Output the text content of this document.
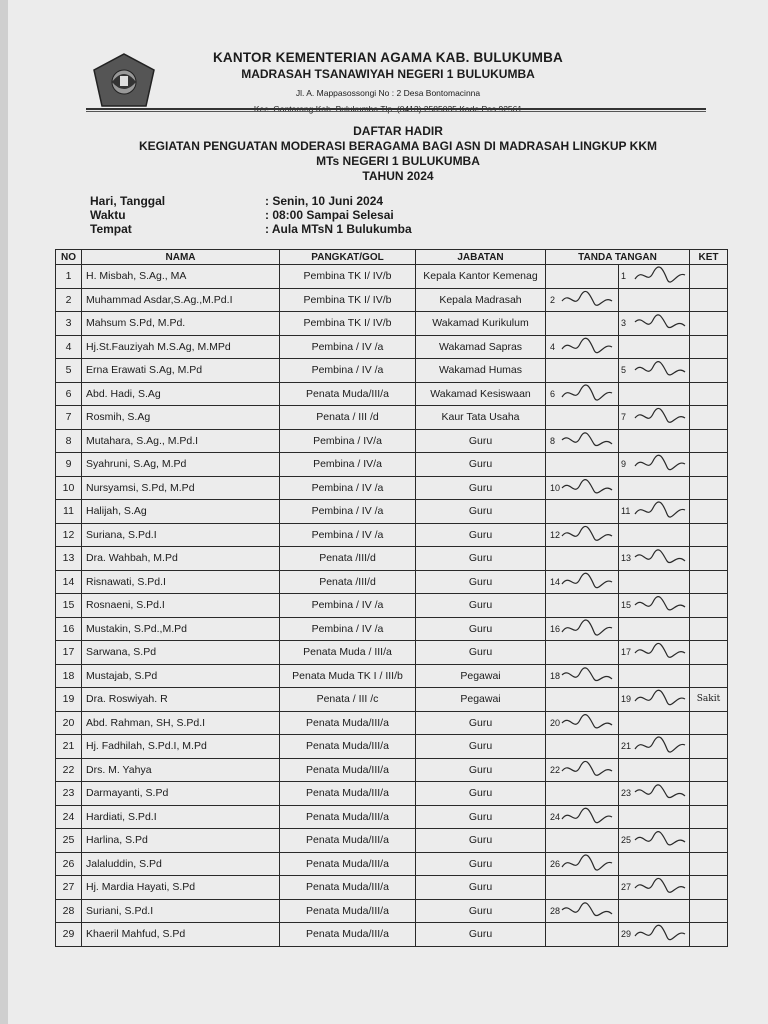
KANTOR KEMENTERIAN AGAMA KAB. BULUKUMBA
MADRASAH TSANAWIYAH NEGERI 1 BULUKUMBA
Jl. A. Mappasossongi No : 2 Desa Bontomacinna
DAFTAR HADIR
KEGIATAN PENGUATAN MODERASI BERAGAMA BAGI ASN DI MADRASAH LINGKUP KKM
MTs NEGERI 1 BULUKUMBA
TAHUN 2024
Hari, Tanggal	: Senin, 10 Juni 2024
Waktu	: 08:00 Sampai Selesai
Tempat	: Aula MTsN 1 Bulukumba
NO	NAMA	PANGKAT/GOL	JABATAN	TANDA TANGAN		KET
1	H. Misbah, S.Ag., MA	Pembina TK I/ IV/b	Kepala Kantor Kemenag		1

2	Muhammad Asdar,S.Ag.,M.Pd.I	Pembina TK I/ IV/b	Kepala Madrasah	2

3	Mahsum S.Pd, M.Pd.	Pembina TK I/ IV/b	Wakamad Kurikulum		3

4	Hj.St.Fauziyah M.S.Ag, M.MPd	Pembina / IV /a	Wakamad Sapras	4

5	Erna Erawati S.Ag, M.Pd	Pembina / IV /a	Wakamad Humas		5

6	Abd. Hadi, S.Ag	Penata Muda/III/a	Wakamad Kesiswaan	6

7	Rosmih, S.Ag	Penata / III /d	Kaur Tata Usaha		7

8	Mutahara, S.Ag., M.Pd.I	Pembina / IV/a	Guru	8

9	Syahruni, S.Ag, M.Pd	Pembina / IV/a	Guru		9

10	Nursyamsi, S.Pd, M.Pd	Pembina / IV /a	Guru	10

11	Halijah, S.Ag	Pembina / IV /a	Guru		11

12	Suriana, S.Pd.I	Pembina / IV /a	Guru	12

13	Dra. Wahbah, M.Pd	Penata /III/d	Guru		13

14	Risnawati, S.Pd.I	Penata /III/d	Guru	14

15	Rosnaeni, S.Pd.I	Pembina / IV /a	Guru		15

16	Mustakin, S.Pd.,M.Pd	Pembina / IV /a	Guru	16

17	Sarwana, S.Pd	Penata Muda / III/a	Guru		17

18	Mustajab, S.Pd	Penata Muda TK I / III/b	Pegawai	18

19	Dra. Roswiyah. R	Penata / III /c	Pegawai		19	Sakit
20	Abd. Rahman, SH, S.Pd.I	Penata Muda/III/a	Guru	20

21	Hj. Fadhilah, S.Pd.I, M.Pd	Penata Muda/III/a	Guru		21

22	Drs. M. Yahya	Penata Muda/III/a	Guru	22

23	Darmayanti, S.Pd	Penata Muda/III/a	Guru		23

24	Hardiati, S.Pd.I	Penata Muda/III/a	Guru	24

25	Harlina, S.Pd	Penata Muda/III/a	Guru		25

26	Jalaluddin, S.Pd	Penata Muda/III/a	Guru	26

27	Hj. Mardia Hayati, S.Pd	Penata Muda/III/a	Guru		27

28	Suriani, S.Pd.I	Penata Muda/III/a	Guru	28

29	Khaeril Mahfud, S.Pd	Penata Muda/III/a	Guru		29
